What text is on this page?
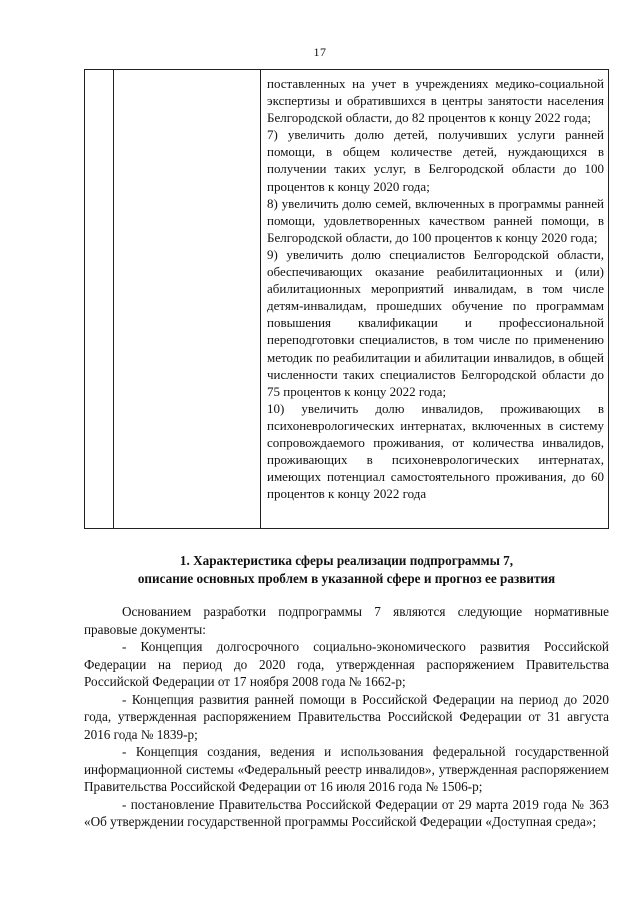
17

поставленных на учет в учреждениях медико-социальной экспертизы и обратившихся в центры занятости населения Белгородской области, до 82 процентов к концу 2022 года;

7) увеличить долю детей, получивших услуги ранней помощи, в общем количестве детей, нуждающихся в получении таких услуг, в Белгородской области до 100 процентов к концу 2020 года;

8) увеличить долю семей, включенных в программы ранней помощи, удовлетворенных качеством ранней помощи, в Белгородской области, до 100 процентов к концу 2020 года;

9) увеличить долю специалистов Белгородской области, обеспечивающих оказание реабилитационных и (или) абилитационных мероприятий инвалидам, в том числе детям-инвалидам, прошедших обучение по программам повышения квалификации и профессиональной переподготовки специалистов, в том числе по применению методик по реабилитации и абилитации инвалидов, в общей численности таких специалистов Белгородской области до 75 процентов к концу 2022 года;

10) увеличить долю инвалидов, проживающих в психоневрологических интернатах, включенных в систему сопровождаемого проживания, от количества инвалидов, проживающих в психоневрологических интернатах, имеющих потенциал самостоятельного проживания, до 60 процентов к концу 2022 года

1. Характеристика сферы реализации подпрограммы 7,
описание основных проблем в указанной сфере и прогноз ее развития

Основанием разработки подпрограммы 7 являются следующие нормативные правовые документы:

- Концепция долгосрочного социально-экономического развития Российской Федерации на период до 2020 года, утвержденная распоряжением Правительства Российской Федерации от 17 ноября 2008 года № 1662-р;

- Концепция развития ранней помощи в Российской Федерации на период до 2020 года, утвержденная распоряжением Правительства Российской Федерации от 31 августа 2016 года № 1839-р;

- Концепция создания, ведения и использования федеральной государственной информационной системы «Федеральный реестр инвалидов», утвержденная распоряжением Правительства Российской Федерации от 16 июля 2016 года № 1506-р;

- постановление Правительства Российской Федерации от 29 марта 2019 года № 363 «Об утверждении государственной программы Российской Федерации «Доступная среда»;
